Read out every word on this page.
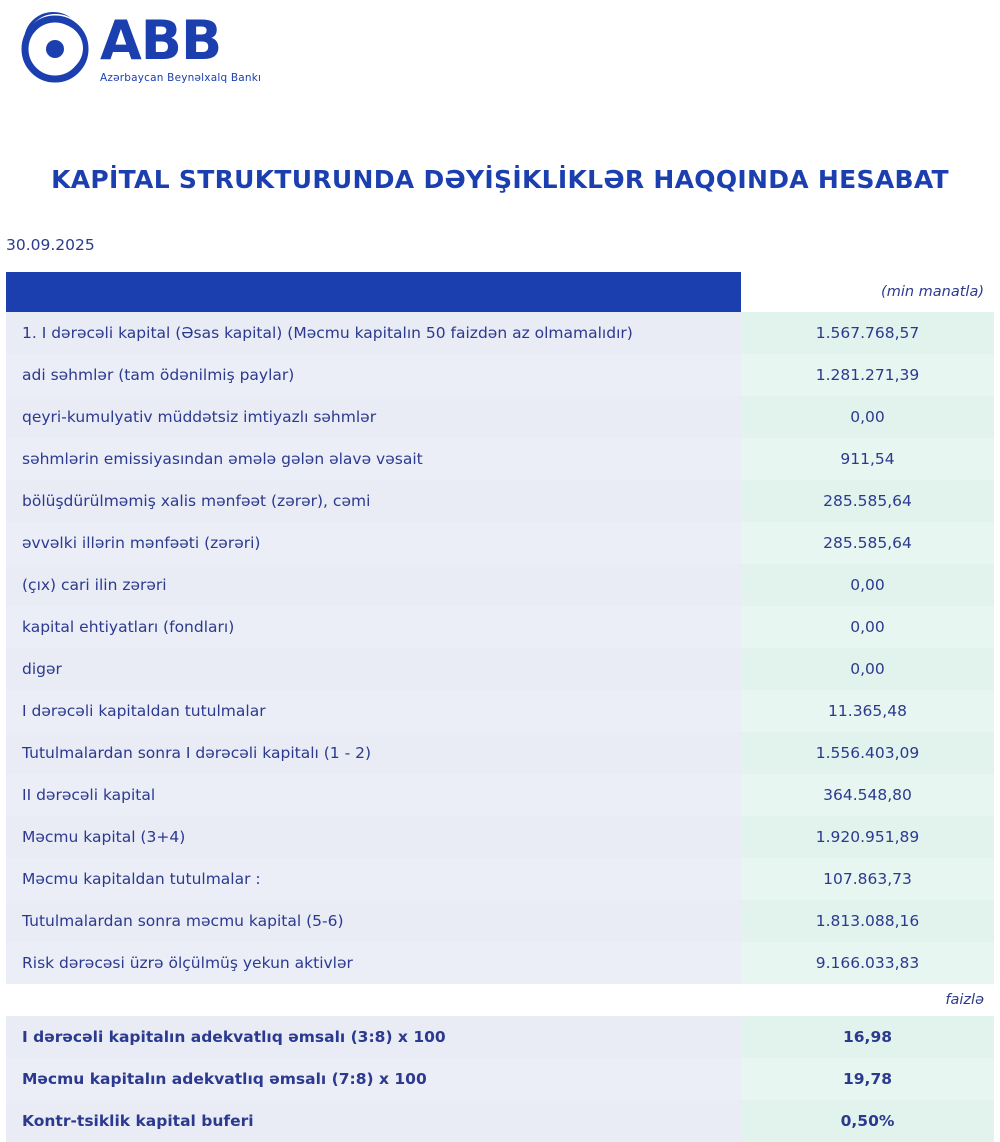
ABB
Azərbaycan Beynəlxalq Bankı
KAPİTAL STRUKTURUNDA DƏYİŞİKLİKLƏR HAQQINDA HESABAT
30.09.2025
	(min manatla)
1. I dərəcəli kapital (Əsas kapital) (Məcmu kapitalın 50 faizdən az olmamalıdır)	1.567.768,57
adi səhmlər (tam ödənilmiş paylar)	1.281.271,39
qeyri-kumulyativ müddətsiz imtiyazlı səhmlər	0,00
səhmlərin emissiyasından əmələ gələn əlavə vəsait	911,54
bölüşdürülməmiş xalis mənfəət (zərər), cəmi	285.585,64
əvvəlki illərin mənfəəti (zərəri)	285.585,64
(çıx) cari ilin zərəri	0,00
kapital ehtiyatları (fondları)	0,00
digər	0,00
I dərəcəli kapitaldan tutulmalar	11.365,48
Tutulmalardan sonra I dərəcəli kapitalı (1 - 2)	1.556.403,09
II dərəcəli kapital	364.548,80
Məcmu kapital (3+4)	1.920.951,89
Məcmu kapitaldan tutulmalar :	107.863,73
Tutulmalardan sonra məcmu kapital (5-6)	1.813.088,16
Risk dərəcəsi üzrə ölçülmüş yekun aktivlər	9.166.033,83
	faizlə
I dərəcəli kapitalın adekvatlıq əmsalı (3:8) x 100	16,98
Məcmu kapitalın adekvatlıq əmsalı (7:8) x 100	19,78
Kontr-tsiklik kapital buferi	0,50%
